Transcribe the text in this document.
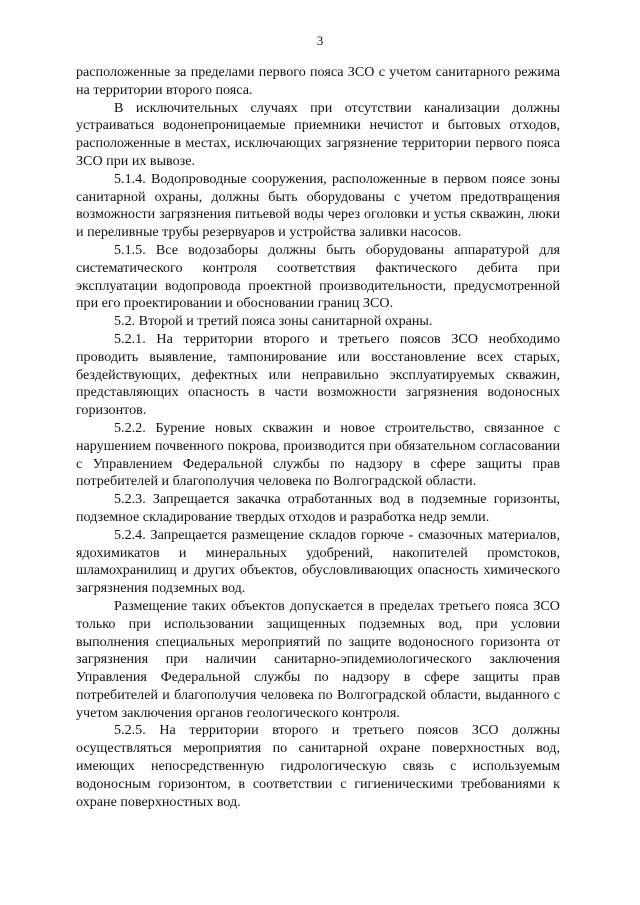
3

расположенные за пределами первого пояса ЗСО с учетом санитарного режима на территории второго пояса.

В исключительных случаях при отсутствии канализации должны устраиваться водонепроницаемые приемники нечистот и бытовых отходов, расположенные в местах, исключающих загрязнение территории первого пояса ЗСО при их вывозе.

5.1.4. Водопроводные сооружения, расположенные в первом поясе зоны санитарной охраны, должны быть оборудованы с учетом предотвращения возможности загрязнения питьевой воды через оголовки и устья скважин, люки и переливные трубы резервуаров и устройства заливки насосов.

5.1.5. Все водозаборы должны быть оборудованы аппаратурой для систематического контроля соответствия фактического дебита при эксплуатации водопровода проектной производительности, предусмотренной при его проектировании и обосновании границ ЗСО.

5.2. Второй и третий пояса зоны санитарной охраны.

5.2.1. На территории второго и третьего поясов ЗСО необходимо проводить выявление, тампонирование или восстановление всех старых, бездействующих, дефектных или неправильно эксплуатируемых скважин, представляющих опасность в части возможности загрязнения водоносных горизонтов.

5.2.2. Бурение новых скважин и новое строительство, связанное с нарушением почвенного покрова, производится при обязательном согласовании с Управлением Федеральной службы по надзору в сфере защиты прав потребителей и благополучия человека по Волгоградской области.

5.2.3. Запрещается закачка отработанных вод в подземные горизонты, подземное складирование твердых отходов и разработка недр земли.

5.2.4. Запрещается размещение складов горюче - смазочных материалов, ядохимикатов и минеральных удобрений, накопителей промстоков, шламохранилищ и других объектов, обусловливающих опасность химического загрязнения подземных вод.

Размещение таких объектов допускается в пределах третьего пояса ЗСО только при использовании защищенных подземных вод, при условии выполнения специальных мероприятий по защите водоносного горизонта от загрязнения при наличии санитарно-эпидемиологического заключения Управления Федеральной службы по надзору в сфере защиты прав потребителей и благополучия человека по Волгоградской области, выданного с учетом заключения органов геологического контроля.

5.2.5. На территории второго и третьего поясов ЗСО должны осуществляться мероприятия по санитарной охране поверхностных вод, имеющих непосредственную гидрологическую связь с используемым водоносным горизонтом, в соответствии с гигиеническими требованиями к охране поверхностных вод.
